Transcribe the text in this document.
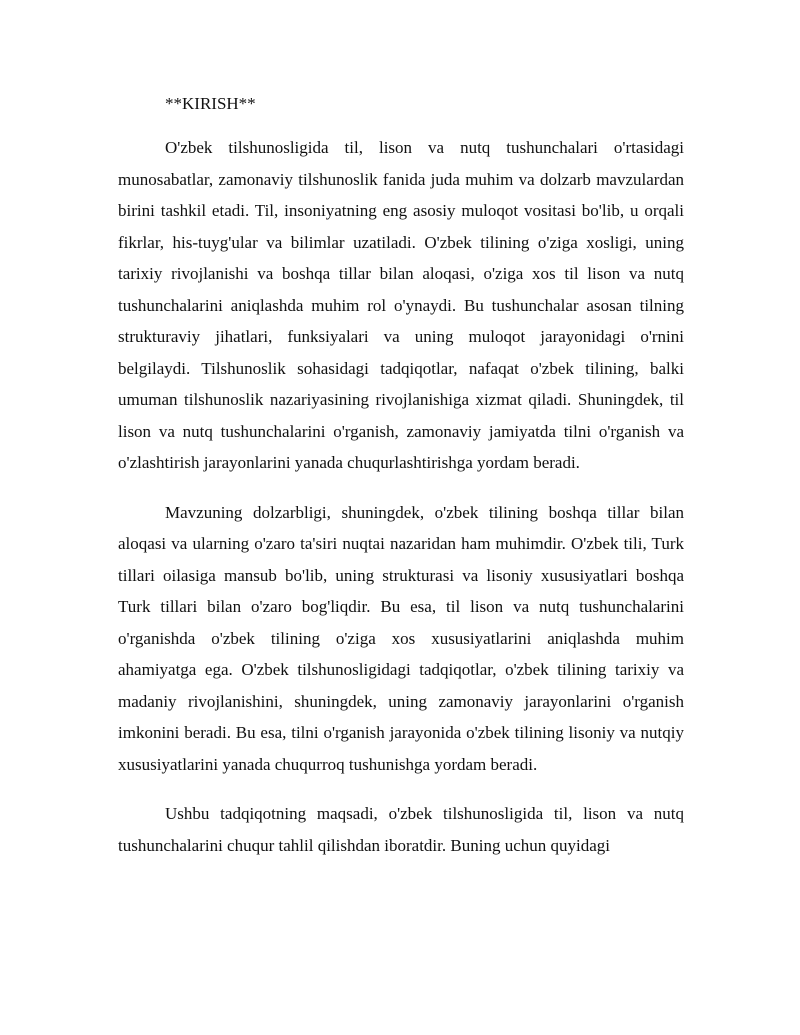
**KIRISH**

O'zbek tilshunosligida til, lison va nutq tushunchalari o'rtasidagi munosabatlar, zamonaviy tilshunoslik fanida juda muhim va dolzarb mavzulardan birini tashkil etadi. Til, insoniyatning eng asosiy muloqot vositasi bo'lib, u orqali fikrlar, his-tuyg'ular va bilimlar uzatiladi. O'zbek tilining o'ziga xosligi, uning tarixiy rivojlanishi va boshqa tillar bilan aloqasi, o'ziga xos til lison va nutq tushunchalarini aniqlashda muhim rol o'ynaydi. Bu tushunchalar asosan tilning strukturaviy jihatlari, funksiyalari va uning muloqot jarayonidagi o'rnini belgilaydi. Tilshunoslik sohasidagi tadqiqotlar, nafaqat o'zbek tilining, balki umuman tilshunoslik nazariyasining rivojlanishiga xizmat qiladi. Shuningdek, til lison va nutq tushunchalarini o'rganish, zamonaviy jamiyatda tilni o'rganish va o'zlashtirish jarayonlarini yanada chuqurlashtirishga yordam beradi.

Mavzuning dolzarbligi, shuningdek, o'zbek tilining boshqa tillar bilan aloqasi va ularning o'zaro ta'siri nuqtai nazaridan ham muhimdir. O'zbek tili, Turk tillari oilasiga mansub bo'lib, uning strukturasi va lisoniy xususiyatlari boshqa Turk tillari bilan o'zaro bog'liqdir. Bu esa, til lison va nutq tushunchalarini o'rganishda o'zbek tilining o'ziga xos xususiyatlarini aniqlashda muhim ahamiyatga ega. O'zbek tilshunosligidagi tadqiqotlar, o'zbek tilining tarixiy va madaniy rivojlanishini, shuningdek, uning zamonaviy jarayonlarini o'rganish imkonini beradi. Bu esa, tilni o'rganish jarayonida o'zbek tilining lisoniy va nutqiy xususiyatlarini yanada chuqurroq tushunishga yordam beradi.

Ushbu tadqiqotning maqsadi, o'zbek tilshunosligida til, lison va nutq tushunchalarini chuqur tahlil qilishdan iboratdir. Buning uchun quyidagi
